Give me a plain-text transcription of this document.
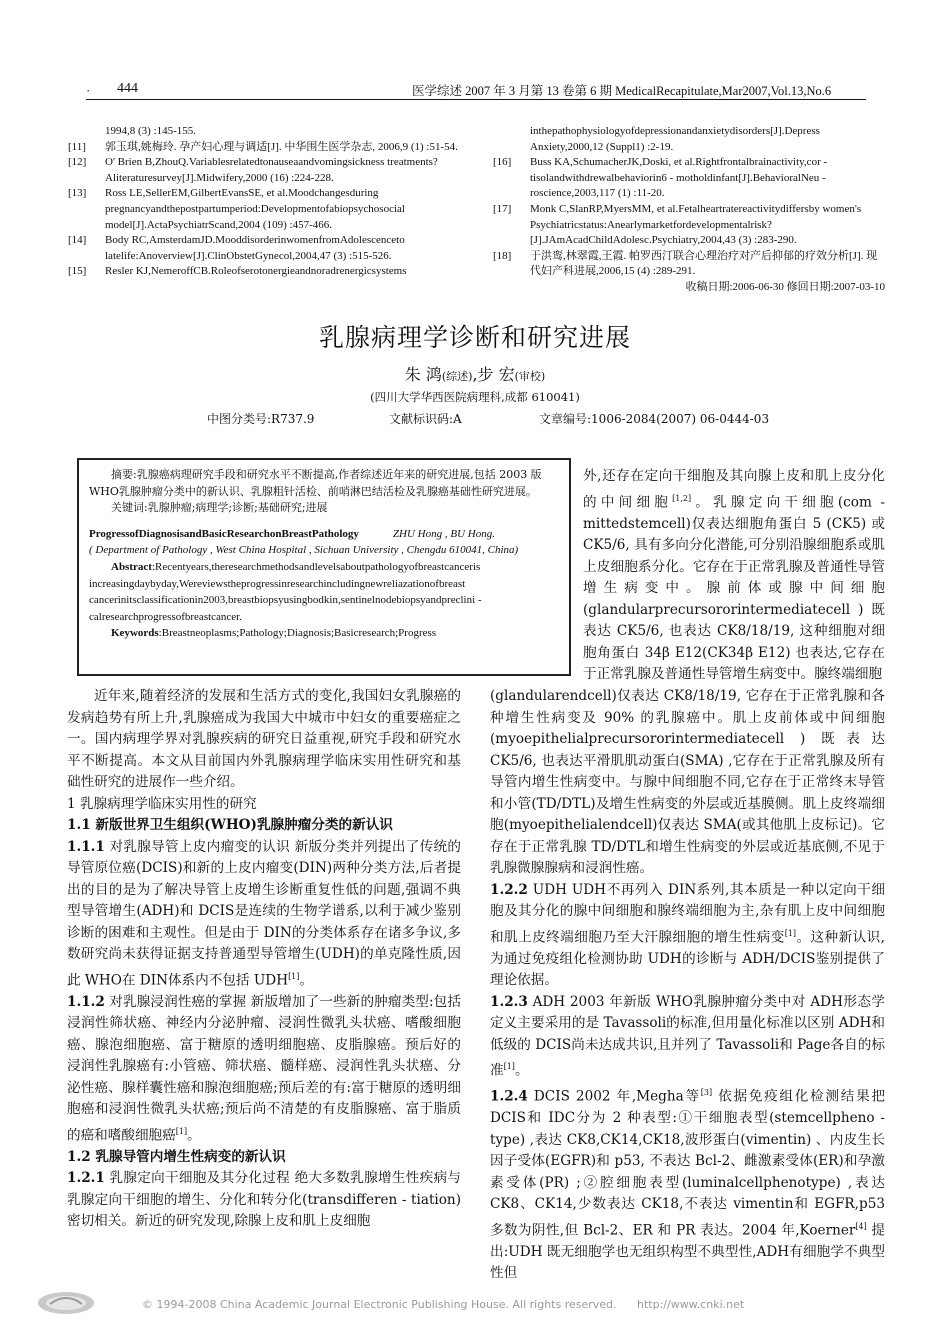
· 444	医学综述 2007 年 3 月第 13 卷第 6 期 MedicalRecapitulate,Mar2007,Vol.13,No.6
1994,8 (3) :145-155.
[11] 郭玉琪,姚梅玲. 孕产妇心理与调适[J]. 中华围生医学杂志, 2006,9 (1) :51-54.
[12] O' Brien B,ZhouQ.Variablesrelatedtonauseaandvomingsickness treatments?Aliteraturesurvey[J].Midwifery,2000 (16) :224-228.
[13] Ross LE,SellerEM,GilbertEvansSE, et al.Moodchangesduring pregnancyandthepostpartumperiod:Developmentofabiopsychosocial model[J].ActaPsychiatrScand,2004 (109) :457-466.
[14] Body RC,AmsterdamJD.MooddisorderinwomenfromAdolescenceto latelife:Anoverview[J].ClinObstetGynecol,2004,47 (3) :515-526.
[15] Resler KJ,NemeroffCB.Roleofserotonergieandnoradrenergicsystems
inthepathophysiologyofdepressionandanxietydisorders[J].Depress Anxiety,2000,12 (Suppl1) :2-19.
[16] Buss KA,SchumacherJK,Doski, et al.Rightfrontalbrainactivity,cor - tisolandwithdrewalbehaviorin6 - motholdinfant[J].BehavioralNeu - roscience,2003,117 (1) :11-20.
[17] Monk C,SlanRP,MyersMM, et al.Fetalheartratereactivitydiffersby women's Psychiatricstatus:Anearlymarketfordevelopmentalrisk? [J].JAmAcadChildAdolesc.Psychiatry,2004,43 (3) :283-290.
[18] 于洪鸾,林翠霞,王霞. 帕罗西汀联合心理治疗对产后抑郁的疗效分析[J]. 现代妇产科进展,2006,15 (4) :289-291.
收稿日期:2006-06-30 修回日期:2007-03-10
乳腺病理学诊断和研究进展
朱 鸿(综述),步 宏(审校)
(四川大学华西医院病理科,成都 610041)
中图分类号:R737.9	文献标识码:A	文章编号:1006-2084(2007) 06-0444-03

摘要:乳腺癌病理研究手段和研究水平不断提高,作者综述近年来的研究进展,包括 2003 版 WHO乳腺肿瘤分类中的新认识、乳腺粗针活检、前哨淋巴结活检及乳腺癌基础性研究进展。

关键词:乳腺肿瘤;病理学;诊断;基础研究;进展

ProgressofDiagnosisandBasicResearchonBreastPathology	ZHU Hong , BU Hong.

( Department of Pathology , West China Hospital , Sichuan University , Chengdu 610041, China)

Abstract:Recentyears,theresearchmethodsandlevelsaboutpathologyofbreastcanceris increasingdaybyday,Wereviewstheprogressinresearchincludingnewreliazationofbreast cancerinitsclassificationin2003,breastbiopsyusingbodkin,sentinelnodebiopsyandpreclini - calresearchprogressofbreastcancer.

Keywords:Breastneoplasms;Pathology;Diagnosis;Basicresearch;Progress

外,还存在定向干细胞及其向腺上皮和肌上皮分化的中间细胞[1,2]。乳腺定向干细胞(com - mittedstemcell)仅表达细胞角蛋白 5 (CK5) 或 CK5/6, 具有多向分化潜能,可分别沿腺细胞系或肌上皮细胞系分化。它存在于正常乳腺及普通性导管增生病变中。腺前体或腺中间细胞 (glandularprecursororintermediatecell ) 既表达 CK5/6, 也表达 CK8/18/19, 这种细胞对细胞角蛋白 34β E12(CK34β E12) 也表达,它存在于正常乳腺及普通性导管增生病变中。腺终端细胞

近年来,随着经济的发展和生活方式的变化,我国妇女乳腺癌的发病趋势有所上升,乳腺癌成为我国大中城市中妇女的重要癌症之一。国内病理学界对乳腺疾病的研究日益重视,研究手段和研究水平不断提高。本文从目前国内外乳腺病理学临床实用性研究和基础性研究的进展作一些介绍。

1 乳腺病理学临床实用性的研究

1.1 新版世界卫生组织(WHO)乳腺肿瘤分类的新认识

1.1.1 对乳腺导管上皮内瘤变的认识 新版分类并列提出了传统的导管原位癌(DCIS)和新的上皮内瘤变(DIN)两种分类方法,后者提出的目的是为了解决导管上皮增生诊断重复性低的问题,强调不典型导管增生(ADH)和 DCIS是连续的生物学谱系,以利于减少鉴别诊断的困难和主观性。但是由于 DIN的分类体系存在诸多争议,多数研究尚未获得证据支持普通型导管增生(UDH)的单克隆性质,因此 WHO在 DIN体系内不包括 UDH[1]。

1.1.2 对乳腺浸润性癌的掌握 新版增加了一些新的肿瘤类型:包括浸润性筛状癌、神经内分泌肿瘤、浸润性微乳头状癌、嗜酸细胞癌、腺泡细胞癌、富于糖原的透明细胞癌、皮脂腺癌。预后好的浸润性乳腺癌有:小管癌、筛状癌、髓样癌、浸润性乳头状癌、分泌性癌、腺样囊性癌和腺泡细胞癌;预后差的有:富于糖原的透明细胞癌和浸润性微乳头状癌;预后尚不清楚的有皮脂腺癌、富于脂质的癌和嗜酸细胞癌[1]。

1.2 乳腺导管内增生性病变的新认识

1.2.1 乳腺定向干细胞及其分化过程 绝大多数乳腺增生性疾病与乳腺定向干细胞的增生、分化和转分化(transdifferen - tiation)密切相关。新近的研究发现,除腺上皮和肌上皮细胞

(glandularendcell)仅表达 CK8/18/19, 它存在于正常乳腺和各种增生性病变及 90% 的乳腺癌中。肌上皮前体或中间细胞 (myoepithelialprecursororintermediatecell ) 既表达 CK5/6, 也表达平滑肌肌动蛋白(SMA) ,它存在于正常乳腺及所有导管内增生性病变中。与腺中间细胞不同,它存在于正常终末导管和小管(TD/DTL)及增生性病变的外层或近基膜侧。肌上皮终端细胞(myoepithelialendcell)仅表达 SMA(或其他肌上皮标记)。它存在于正常乳腺 TD/DTL和增生性病变的外层或近基底侧,不见于乳腺微腺腺病和浸润性癌。

1.2.2 UDH UDH不再列入 DIN系列,其本质是一种以定向干细胞及其分化的腺中间细胞和腺终端细胞为主,杂有肌上皮中间细胞和肌上皮终端细胞乃至大汗腺细胞的增生性病变[1]。这种新认识,为通过免疫组化检测协助 UDH的诊断与 ADH/DCIS鉴别提供了理论依据。

1.2.3 ADH 2003 年新版 WHO乳腺肿瘤分类中对 ADH形态学定义主要采用的是 Tavassoli的标准,但用量化标准以区别 ADH和低级的 DCIS尚未达成共识,且并列了 Tavassoli和 Page各自的标准[1]。

1.2.4 DCIS 2002 年,Megha等[3] 依据免疫组化检测结果把 DCIS和 IDC分为 2 种表型:①干细胞表型(stemcellpheno - type) ,表达 CK8,CK14,CK18,波形蛋白(vimentin) 、内皮生长因子受体(EGFR)和 p53, 不表达 Bcl-2、雌激素受体(ER)和孕激素受体(PR) ;②腔细胞表型(luminalcellphenotype) ,表达 CK8、CK14,少数表达 CK18,不表达 vimentin和 EGFR,p53 多数为阴性,但 Bcl-2、ER 和 PR 表达。2004 年,Koerner[4] 提出:UDH 既无细胞学也无组织构型不典型性,ADH有细胞学不典型性但

© 1994-2008 China Academic Journal Electronic Publishing House. All rights reserved. http://www.cnki.net
